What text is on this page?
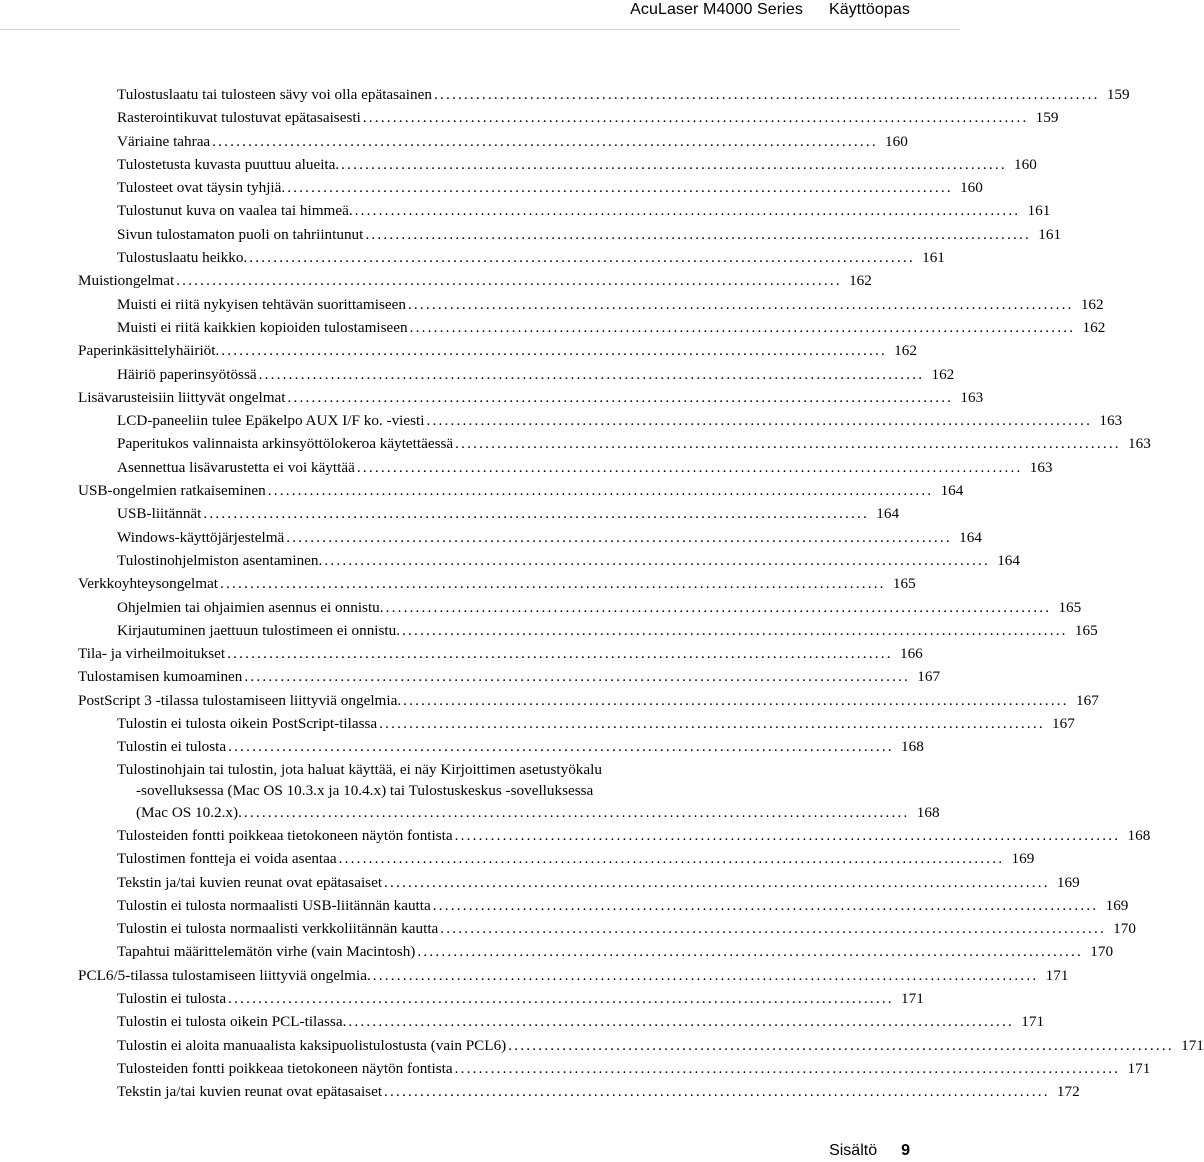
AcuLaser M4000 Series Käyttöopas
Tulostuslaatu tai tulosteen sävy voi olla epätasainen ............................................................................................................... 159
Rasterointikuvat tulostuvat epätasaisesti ............................................................................................................... 159
Väriaine tahraa ............................................................................................................... 160
Tulostetusta kuvasta puuttuu alueita. ............................................................................................................... 160
Tulosteet ovat täysin tyhjiä. ............................................................................................................... 160
Tulostunut kuva on vaalea tai himmeä. ............................................................................................................... 161
Sivun tulostamaton puoli on tahriintunut ............................................................................................................... 161
Tulostuslaatu heikko. ............................................................................................................... 161
Muistiongelmat ............................................................................................................... 162
Muisti ei riitä nykyisen tehtävän suorittamiseen ............................................................................................................... 162
Muisti ei riitä kaikkien kopioiden tulostamiseen ............................................................................................................... 162
Paperinkäsittelyhäiriöt. ............................................................................................................... 162
Häiriö paperinsyötössä ............................................................................................................... 162
Lisävarusteisiin liittyvät ongelmat ............................................................................................................... 163
LCD-paneeliin tulee Epäkelpo AUX I/F ko. -viesti ............................................................................................................... 163
Paperitukos valinnaista arkinsyöttölokeroa käytettäessä ............................................................................................................... 163
Asennettua lisävarustetta ei voi käyttää ............................................................................................................... 163
USB-ongelmien ratkaiseminen ............................................................................................................... 164
USB-liitännät ............................................................................................................... 164
Windows-käyttöjärjestelmä ............................................................................................................... 164
Tulostinohjelmiston asentaminen. ............................................................................................................... 164
Verkkoyhteysongelmat ............................................................................................................... 165
Ohjelmien tai ohjaimien asennus ei onnistu. ............................................................................................................... 165
Kirjautuminen jaettuun tulostimeen ei onnistu. ............................................................................................................... 165
Tila- ja virheilmoitukset ............................................................................................................... 166
Tulostamisen kumoaminen ............................................................................................................... 167
PostScript 3 -tilassa tulostamiseen liittyviä ongelmia. ............................................................................................................... 167
Tulostin ei tulosta oikein PostScript-tilassa ............................................................................................................... 167
Tulostin ei tulosta ............................................................................................................... 168
Tulostinohjain tai tulostin, jota haluat käyttää, ei näy Kirjoittimen asetustyökalu
-sovelluksessa (Mac OS 10.3.x ja 10.4.x) tai Tulostuskeskus -sovelluksessa
(Mac OS 10.2.x). ............................................................................................................... 168
Tulosteiden fontti poikkeaa tietokoneen näytön fontista ............................................................................................................... 168
Tulostimen fontteja ei voida asentaa ............................................................................................................... 169
Tekstin ja/tai kuvien reunat ovat epätasaiset ............................................................................................................... 169
Tulostin ei tulosta normaalisti USB-liitännän kautta ............................................................................................................... 169
Tulostin ei tulosta normaalisti verkkoliitännän kautta ............................................................................................................... 170
Tapahtui määrittelemätön virhe (vain Macintosh) ............................................................................................................... 170
PCL6/5-tilassa tulostamiseen liittyviä ongelmia. ............................................................................................................... 171
Tulostin ei tulosta ............................................................................................................... 171
Tulostin ei tulosta oikein PCL-tilassa. ............................................................................................................... 171
Tulostin ei aloita manuaalista kaksipuolistulostusta (vain PCL6) ............................................................................................................... 171
Tulosteiden fontti poikkeaa tietokoneen näytön fontista ............................................................................................................... 171
Tekstin ja/tai kuvien reunat ovat epätasaiset ............................................................................................................... 172
Sisältö 9
